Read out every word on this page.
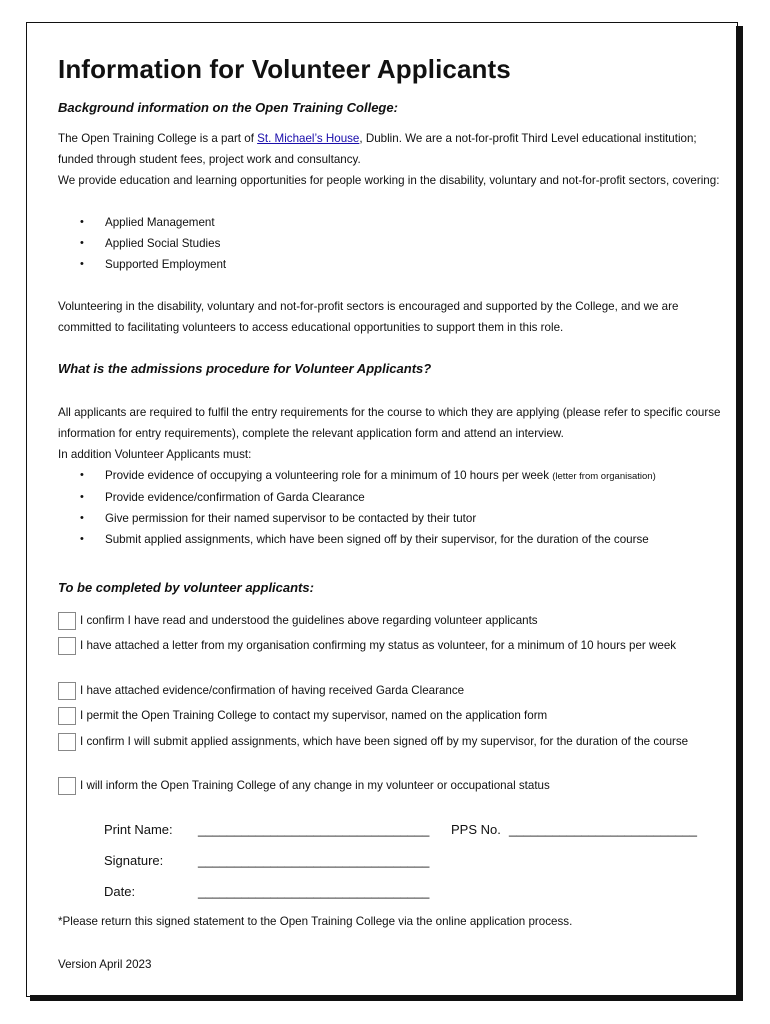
Information for Volunteer Applicants
Background information on the Open Training College:
The Open Training College is a part of St. Michael’s House, Dublin. We are a not-for-profit Third Level educational institution; funded through student fees, project work and consultancy.
We provide education and learning opportunities for people working in the disability, voluntary and not-for-profit sectors, covering:
• Applied Management
• Applied Social Studies
• Supported Employment
Volunteering in the disability, voluntary and not-for-profit sectors is encouraged and supported by the College, and we are committed to facilitating volunteers to access educational opportunities to support them in this role.
What is the admissions procedure for Volunteer Applicants?
All applicants are required to fulfil the entry requirements for the course to which they are applying (please refer to specific course information for entry requirements), complete the relevant application form and attend an interview.
In addition Volunteer Applicants must:
• Provide evidence of occupying a volunteering role for a minimum of 10 hours per week (letter from organisation)
• Provide evidence/confirmation of Garda Clearance
• Give permission for their named supervisor to be contacted by their tutor
• Submit applied assignments, which have been signed off by their supervisor, for the duration of the course
To be completed by volunteer applicants:
I confirm I have read and understood the guidelines above regarding volunteer applicants
I have attached a letter from my organisation confirming my status as volunteer, for a minimum of 10 hours per week
I have attached evidence/confirmation of having received Garda Clearance
I permit the Open Training College to contact my supervisor, named on the application form
I confirm I will submit applied assignments, which have been signed off by my supervisor, for the duration of the course
I will inform the Open Training College of any change in my volunteer or occupational status
Print Name: ________________________________ PPS No. __________________________
Signature:	________________________________
Date:	________________________________
*Please return this signed statement to the Open Training College via the online application process.
Version April 2023
